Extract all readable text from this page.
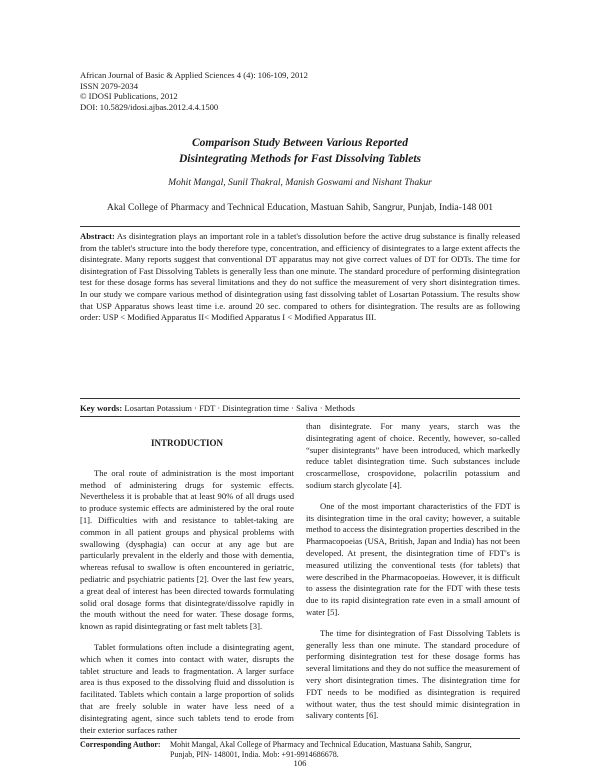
African Journal of Basic & Applied Sciences 4 (4): 106-109, 2012
ISSN 2079-2034
© IDOSI Publications, 2012
DOI: 10.5829/idosi.ajbas.2012.4.4.1500
Comparison Study Between Various Reported
Disintegrating Methods for Fast Dissolving Tablets
Mohit Mangal, Sunil Thakral, Manish Goswami and Nishant Thakur
Akal College of Pharmacy and Technical Education, Mastuan Sahib, Sangrur, Punjab, India-148 001
Abstract: As disintegration plays an important role in a tablet's dissolution before the active drug substance is finally released from the tablet's structure into the body therefore type, concentration, and efficiency of disintegrates to a large extent affects the disintegrate. Many reports suggest that conventional DT apparatus may not give correct values of DT for ODTs. The time for disintegration of Fast Dissolving Tablets is generally less than one minute. The standard procedure of performing disintegration test for these dosage forms has several limitations and they do not suffice the measurement of very short disintegration times. In our study we compare various method of disintegration using fast dissolving tablet of Losartan Potassium. The results show that USP Apparatus shows least time i.e. around 20 sec. compared to others for disintegration. The results are as following order: USP < Modified Apparatus II< Modified Apparatus I < Modified Apparatus III.
Key words: Losartan Potassium · FDT · Disintegration time · Saliva · Methods
INTRODUCTION

The oral route of administration is the most important method of administering drugs for systemic effects. Nevertheless it is probable that at least 90% of all drugs used to produce systemic effects are administered by the oral route [1]. Difficulties with and resistance to tablet-taking are common in all patient groups and physical problems with swallowing (dysphagia) can occur at any age but are particularly prevalent in the elderly and those with dementia, whereas refusal to swallow is often encountered in geriatric, pediatric and psychiatric patients [2]. Over the last few years, a great deal of interest has been directed towards formulating solid oral dosage forms that disintegrate/dissolve rapidly in the mouth without the need for water. These dosage forms, known as rapid disintegrating or fast melt tablets [3].

Tablet formulations often include a disintegrating agent, which when it comes into contact with water, disrupts the tablet structure and leads to fragmentation. A larger surface area is thus exposed to the dissolving fluid and dissolution is facilitated. Tablets which contain a large proportion of solids that are freely soluble in water have less need of a disintegrating agent, since such tablets tend to erode from their exterior surfaces rather

than disintegrate. For many years, starch was the disintegrating agent of choice. Recently, however, so-called “super disintegrants” have been introduced, which markedly reduce tablet disintegration time. Such substances include croscarmellose, crospovidone, polacrilin potassium and sodium starch glycolate [4].

One of the most important characteristics of the FDT is its disintegration time in the oral cavity; however, a suitable method to access the disintegration properties described in the Pharmacopoeias (USA, British, Japan and India) has not been developed. At present, the disintegration time of FDT's is measured utilizing the conventional tests (for tablets) that were described in the Pharmacopoeias. However, it is difficult to assess the disintegration rate for the FDT with these tests due to its rapid disintegration rate even in a small amount of water [5].

The time for disintegration of Fast Dissolving Tablets is generally less than one minute. The standard procedure of performing disintegration test for these dosage forms has several limitations and they do not suffice the measurement of very short disintegration times. The disintegration time for FDT needs to be modified as disintegration is required without water, thus the test should mimic disintegration in salivary contents [6].

Corresponding Author: Mohit Mangal, Akal College of Pharmacy and Technical Education, Mastuana Sahib, Sangrur,
Punjab, PIN- 148001, India. Mob: +91-9914686678.
106
